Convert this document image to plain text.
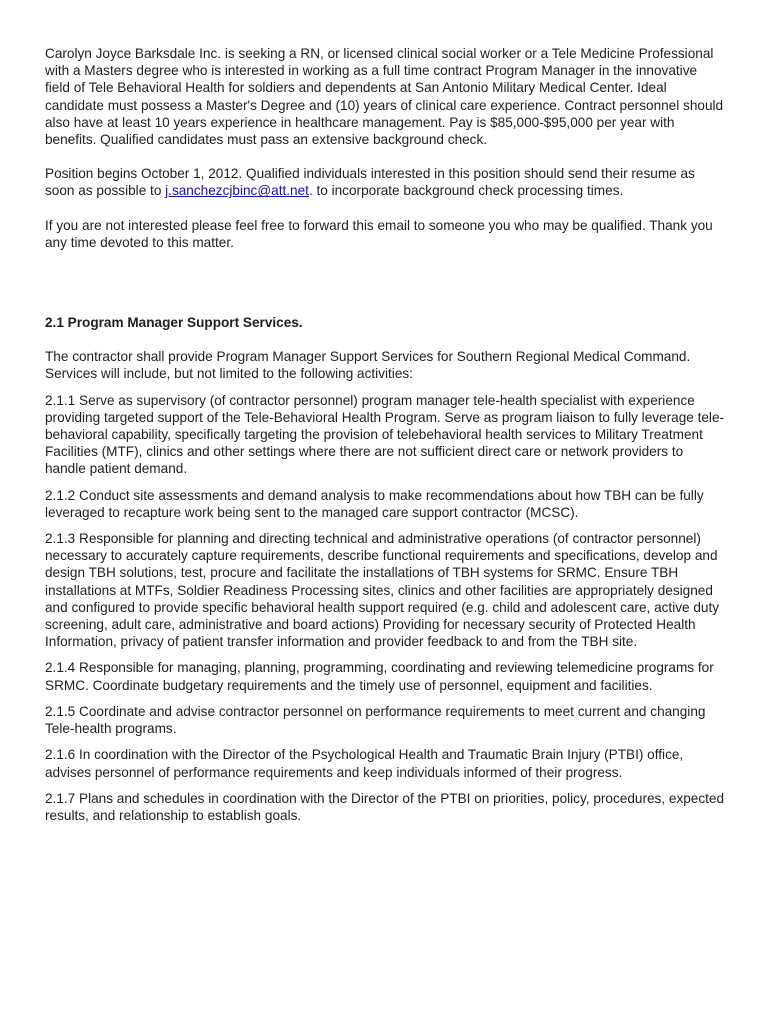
Carolyn Joyce Barksdale Inc. is seeking a RN, or licensed clinical social worker or a Tele Medicine Professional with a Masters degree who is interested in working as a full time contract Program Manager in the innovative field of Tele Behavioral Health for soldiers and dependents at San Antonio Military Medical Center. Ideal candidate must possess a Master's Degree and (10) years of clinical care experience. Contract personnel should also have at least 10 years experience in healthcare management. Pay is $85,000-$95,000 per year with benefits. Qualified candidates must pass an extensive background check.

Position begins October 1, 2012. Qualified individuals interested in this position should send their resume as soon as possible to j.sanchezcjbinc@att.net. to incorporate background check processing times.

If you are not interested please feel free to forward this email to someone you who may be qualified. Thank you any time devoted to this matter.

2.1 Program Manager Support Services.

The contractor shall provide Program Manager Support Services for Southern Regional Medical Command. Services will include, but not limited to the following activities:

2.1.1 Serve as supervisory (of contractor personnel) program manager tele-health specialist with experience providing targeted support of the Tele-Behavioral Health Program. Serve as program liaison to fully leverage tele-behavioral capability, specifically targeting the provision of telebehavioral health services to Military Treatment Facilities (MTF), clinics and other settings where there are not sufficient direct care or network providers to handle patient demand.

2.1.2 Conduct site assessments and demand analysis to make recommendations about how TBH can be fully leveraged to recapture work being sent to the managed care support contractor (MCSC).

2.1.3 Responsible for planning and directing technical and administrative operations (of contractor personnel) necessary to accurately capture requirements, describe functional requirements and specifications, develop and design TBH solutions, test, procure and facilitate the installations of TBH systems for SRMC. Ensure TBH installations at MTFs, Soldier Readiness Processing sites, clinics and other facilities are appropriately designed and configured to provide specific behavioral health support required (e.g. child and adolescent care, active duty screening, adult care, administrative and board actions) Providing for necessary security of Protected Health Information, privacy of patient transfer information and provider feedback to and from the TBH site.

2.1.4 Responsible for managing, planning, programming, coordinating and reviewing telemedicine programs for SRMC. Coordinate budgetary requirements and the timely use of personnel, equipment and facilities.

2.1.5 Coordinate and advise contractor personnel on performance requirements to meet current and changing Tele-health programs.

2.1.6 In coordination with the Director of the Psychological Health and Traumatic Brain Injury (PTBI) office, advises personnel of performance requirements and keep individuals informed of their progress.

2.1.7 Plans and schedules in coordination with the Director of the PTBI on priorities, policy, procedures, expected results, and relationship to establish goals.
